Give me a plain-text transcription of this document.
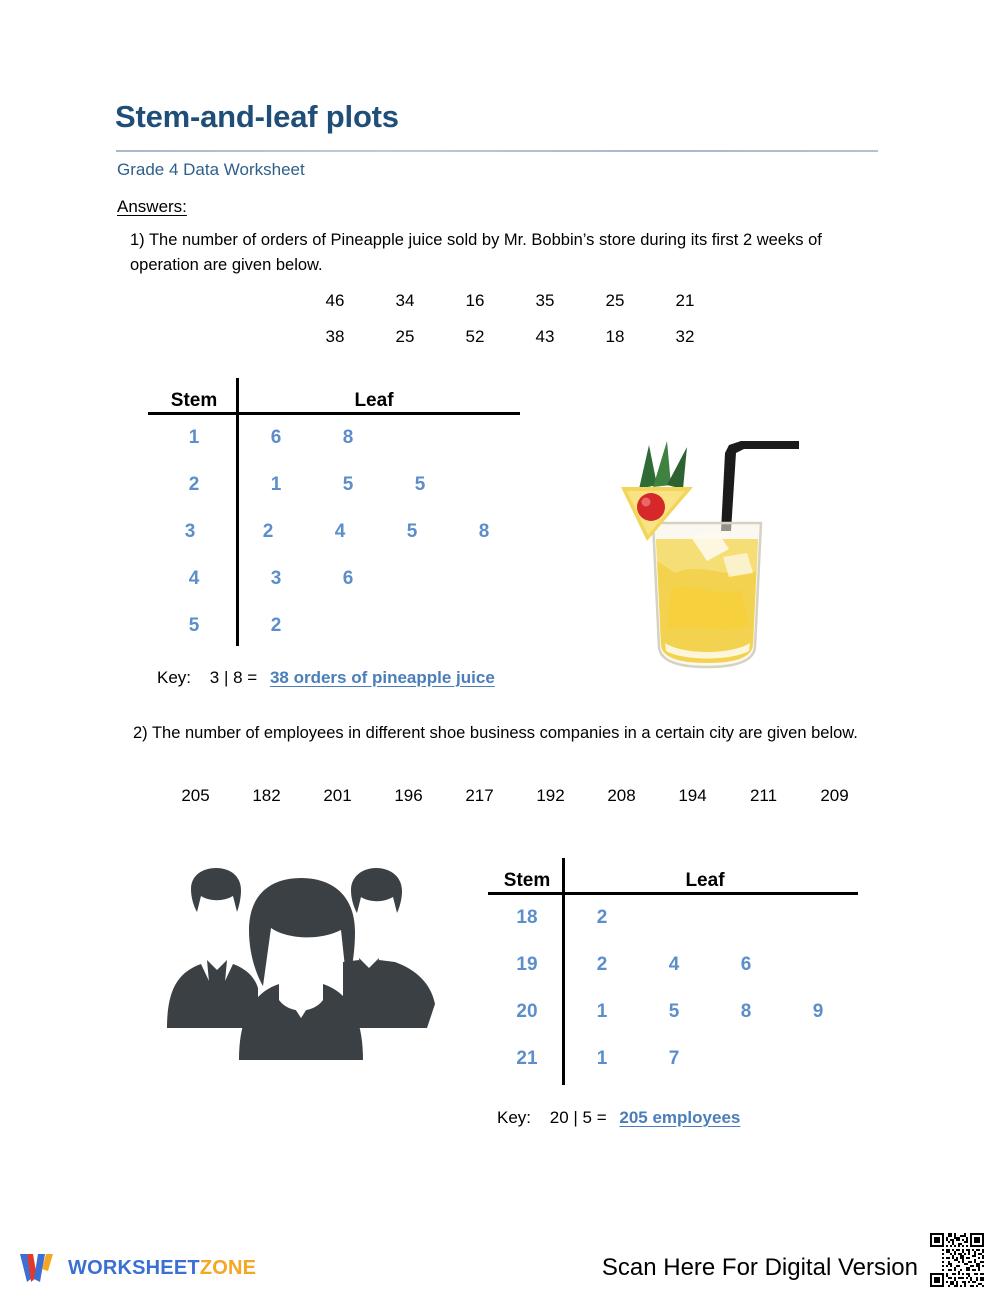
Stem-and-leaf plots
Grade 4 Data Worksheet
Answers:
1) The number of orders of Pineapple juice sold by Mr. Bobbin’s store during its first 2 weeks of operation are given below.
46	34	16	35	25	21
38	25	52	43	18	32
Stem	Leaf
1	6	8
2	1	5	5
3	2	4	5	8
4	3	6
5	2
Key: 3 | 8 = 38 orders of pineapple juice
2) The number of employees in different shoe business companies in a certain city are given below.
205	182	201	196	217	192	208	194	211	209
Stem	Leaf
18	2
19	2	4	6
20	1	5	8	9
21	1	7
Key: 20 | 5 = 205 employees
WORKSHEETZONE	Scan Here For Digital Version
